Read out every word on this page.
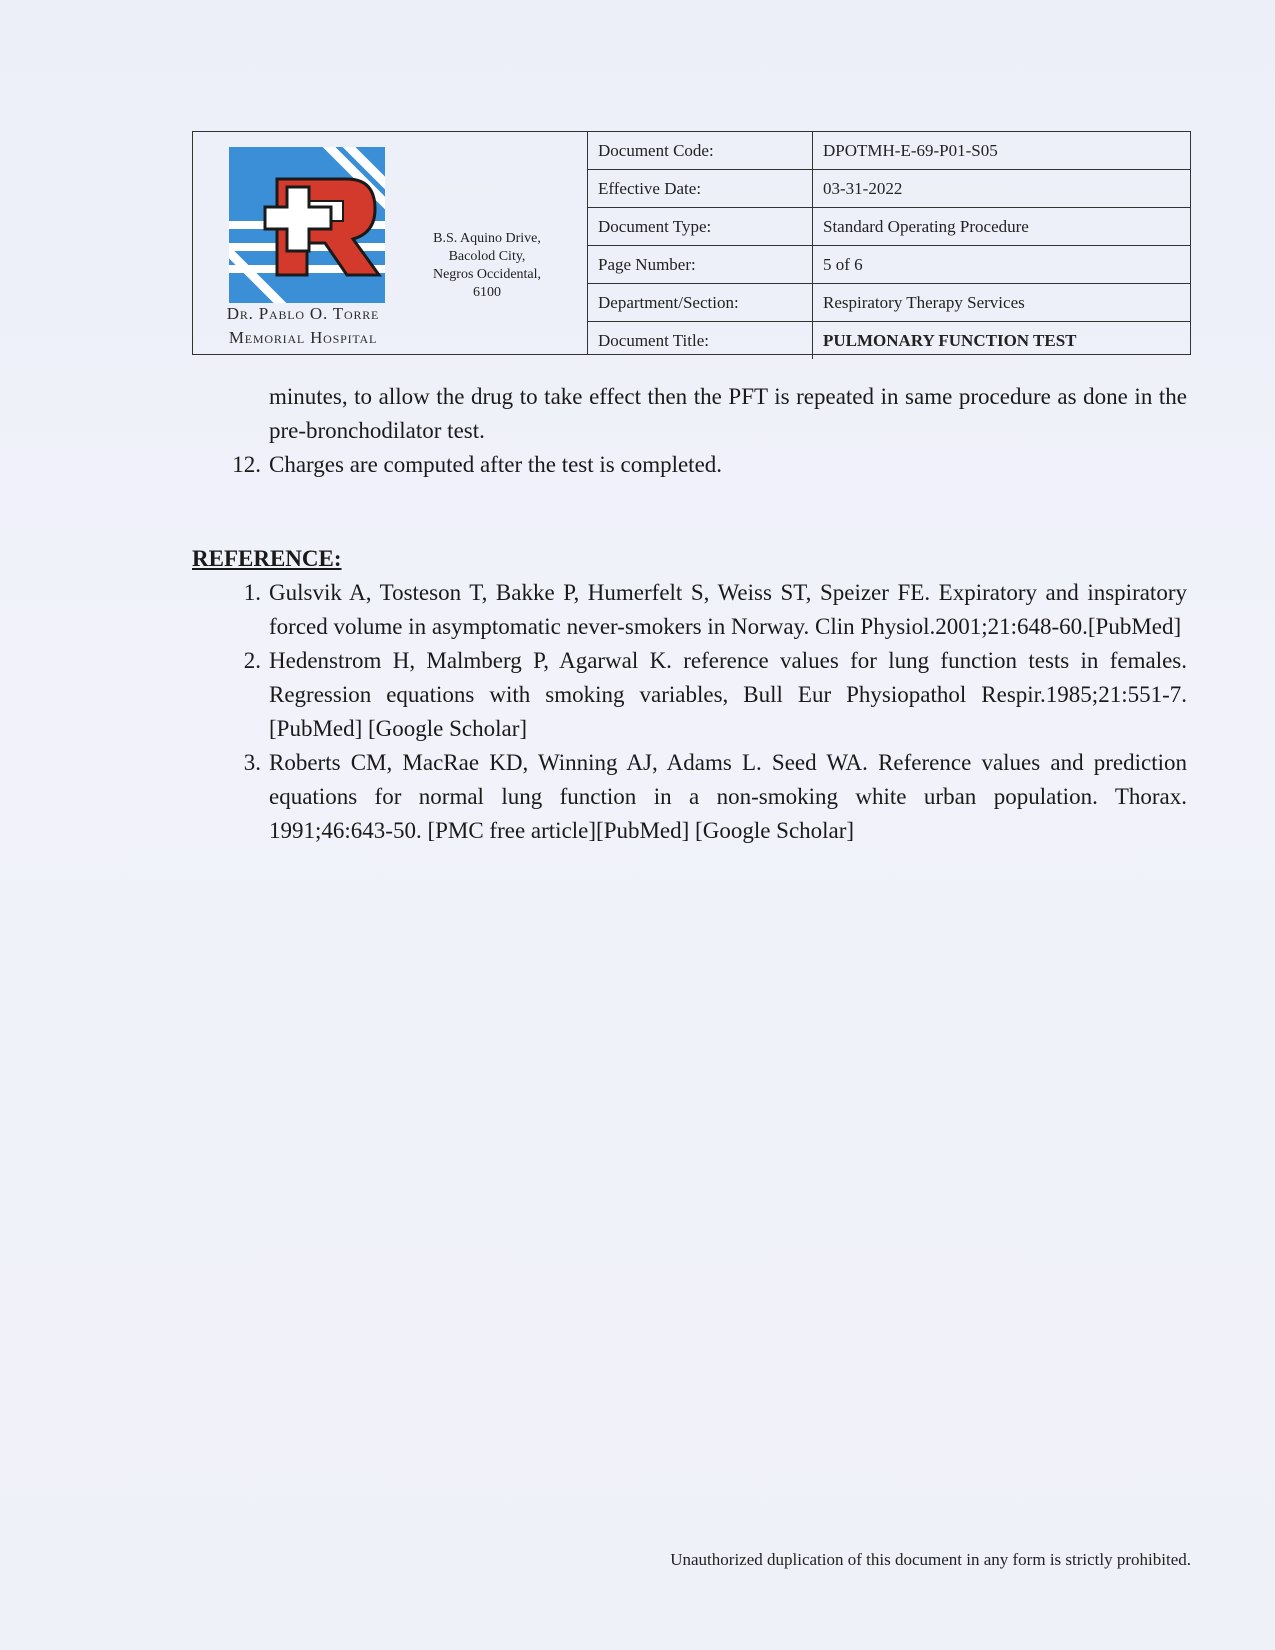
Dr. Pablo O. Torre
Memorial Hospital
B.S. Aquino Drive,
Bacolod City,
Negros Occidental,
6100
Document Code:	DPOTMH-E-69-P01-S05
Effective Date:	03-31-2022
Document Type:	Standard Operating Procedure
Page Number:	5 of 6
Department/Section:	Respiratory Therapy Services
Document Title:	PULMONARY FUNCTION TEST

minutes, to allow the drug to take effect then the PFT is repeated in same procedure as done in the pre-bronchodilator test.

12. Charges are computed after the test is completed.
REFERENCE:
1. Gulsvik A, Tosteson T, Bakke P, Humerfelt S, Weiss ST, Speizer FE. Expiratory and inspiratory forced volume in asymptomatic never-smokers in Norway. Clin Physiol.2001;21:648-60.[PubMed]
2. Hedenstrom H, Malmberg P, Agarwal K. reference values for lung function tests in females. Regression equations with smoking variables, Bull Eur Physiopathol Respir.1985;21:551-7. [PubMed] [Google Scholar]
3. Roberts CM, MacRae KD, Winning AJ, Adams L. Seed WA. Reference values and prediction equations for normal lung function in a non-smoking white urban population. Thorax. 1991;46:643-50. [PMC free article][PubMed] [Google Scholar]
Unauthorized duplication of this document in any form is strictly prohibited.
